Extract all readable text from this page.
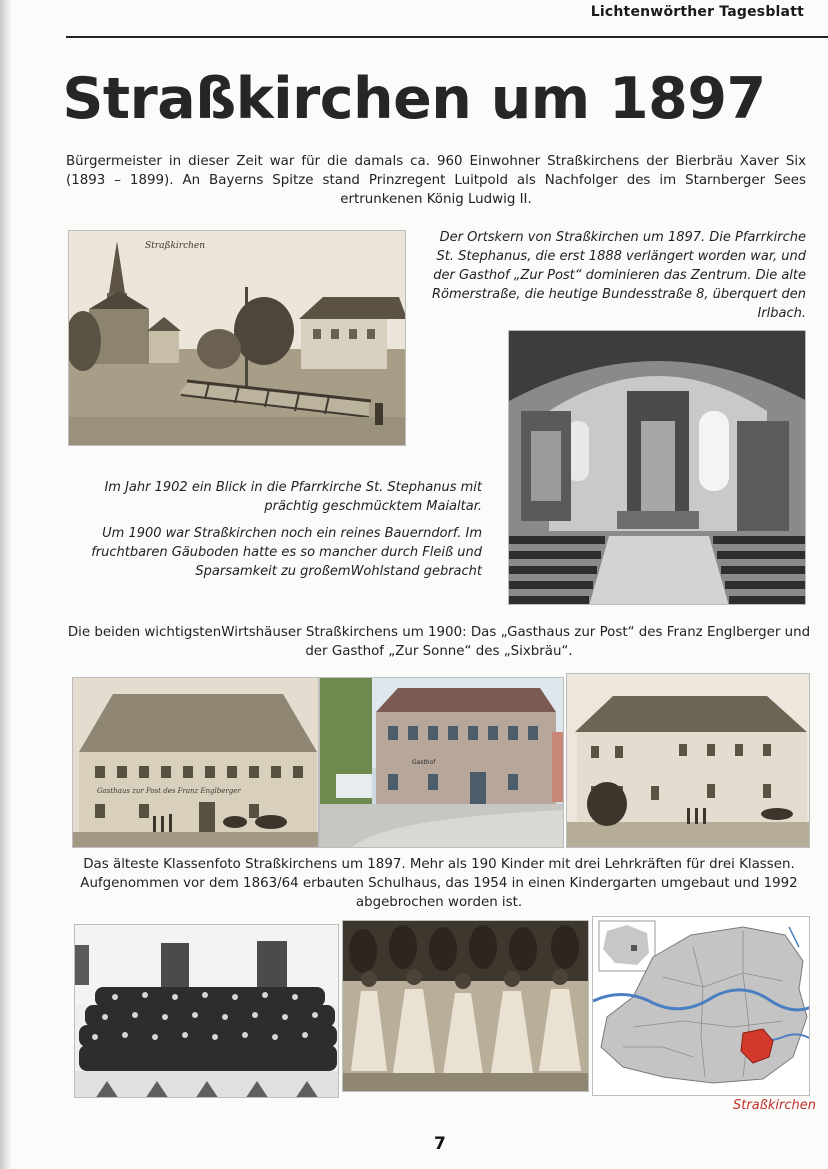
Lichtenwörther Tagesblatt
Straßkirchen um 1897

Bürgermeister in dieser Zeit war für die damals ca. 960 Einwohner Straßkirchens der Bierbräu Xaver Six (1893 – 1899). An Bayerns Spitze stand Prinzregent Luitpold als Nachfolger des im Starnberger Sees ertrunkenen König Ludwig II.

Straßkirchen
Der Ortskern von Straßkirchen um 1897. Die Pfarrkirche St. Stephanus, die erst 1888 verlängert worden war, und der Gasthof „Zur Post“ dominieren das Zentrum. Die alte Römerstraße, die heutige Bundesstraße 8, überquert den Irlbach.
Im Jahr 1902 ein Blick in die Pfarrkirche St. Stephanus mit prächtig geschmücktem Maialtar.
Um 1900 war Straßkirchen noch ein reines Bauerndorf. Im fruchtbaren Gäuboden hatte es so mancher durch Fleiß und Sparsamkeit zu großemWohlstand gebracht
Die beiden wichtigstenWirtshäuser Straßkirchens um 1900: Das „Gasthaus zur Post“ des Franz Englberger und der Gasthof „Zur Sonne“ des „Sixbräu“.
Gasthaus zur Post des Franz Englberger
Gasthof
Das älteste Klassenfoto Straßkirchens um 1897. Mehr als 190 Kinder mit drei Lehrkräften für drei Klassen. Aufgenommen vor dem 1863/64 erbauten Schulhaus, das 1954 in einen Kindergarten umgebaut und 1992 abgebrochen worden ist.
Straßkirchen
7
